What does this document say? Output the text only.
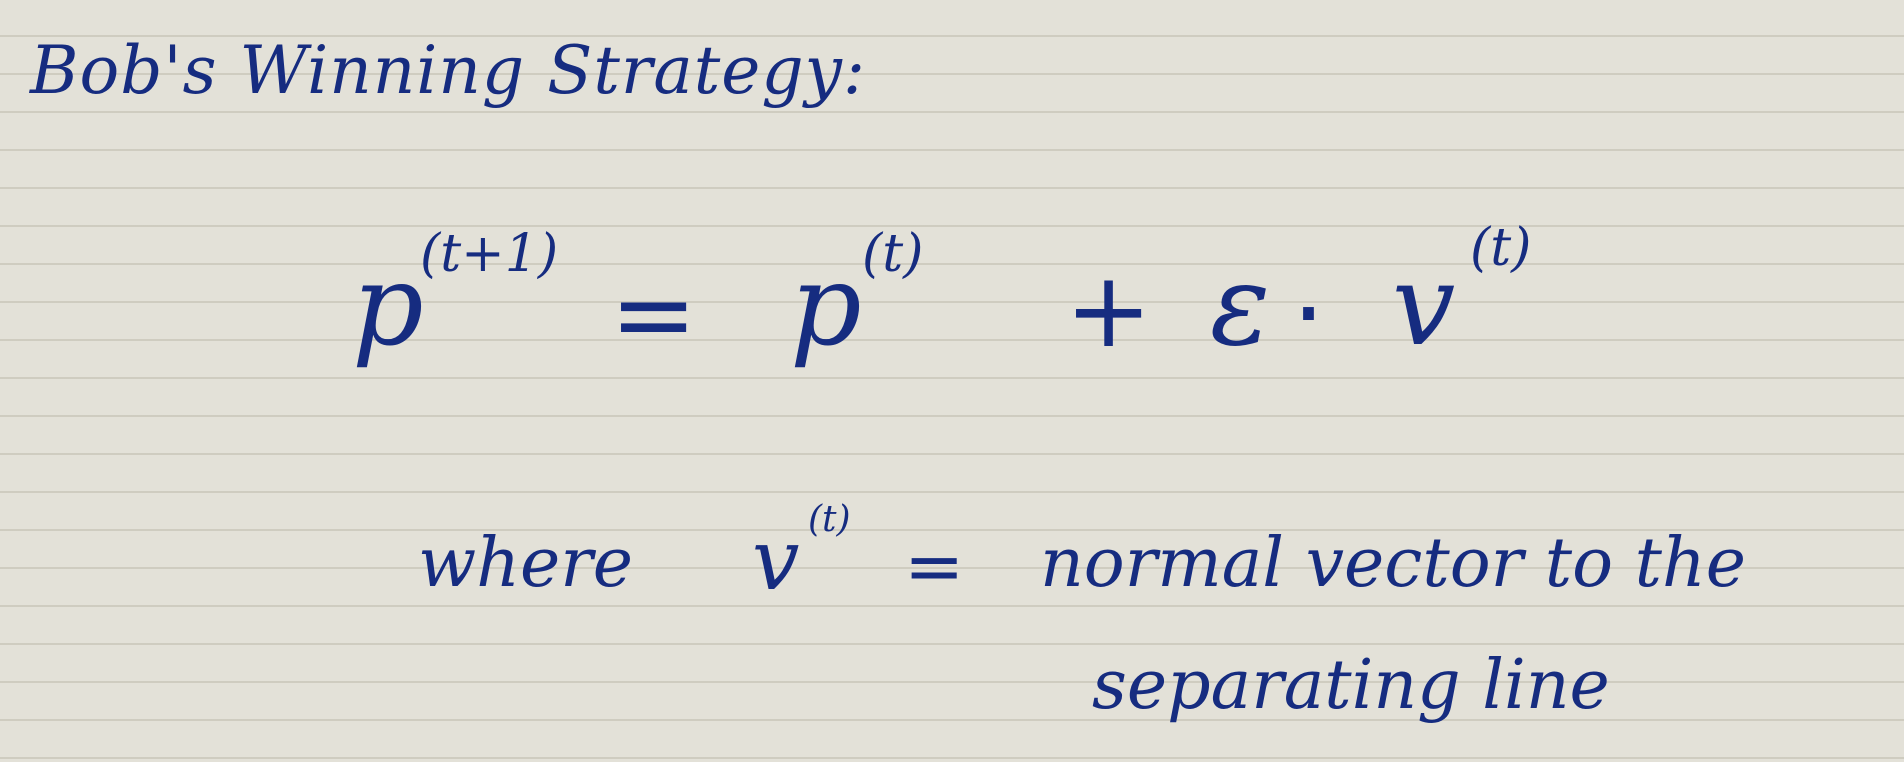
Bob's Winning Strategy:
p
(t+1) = p (t) + ε · v (t)
where v (t)
= normal vector to the
separating line
